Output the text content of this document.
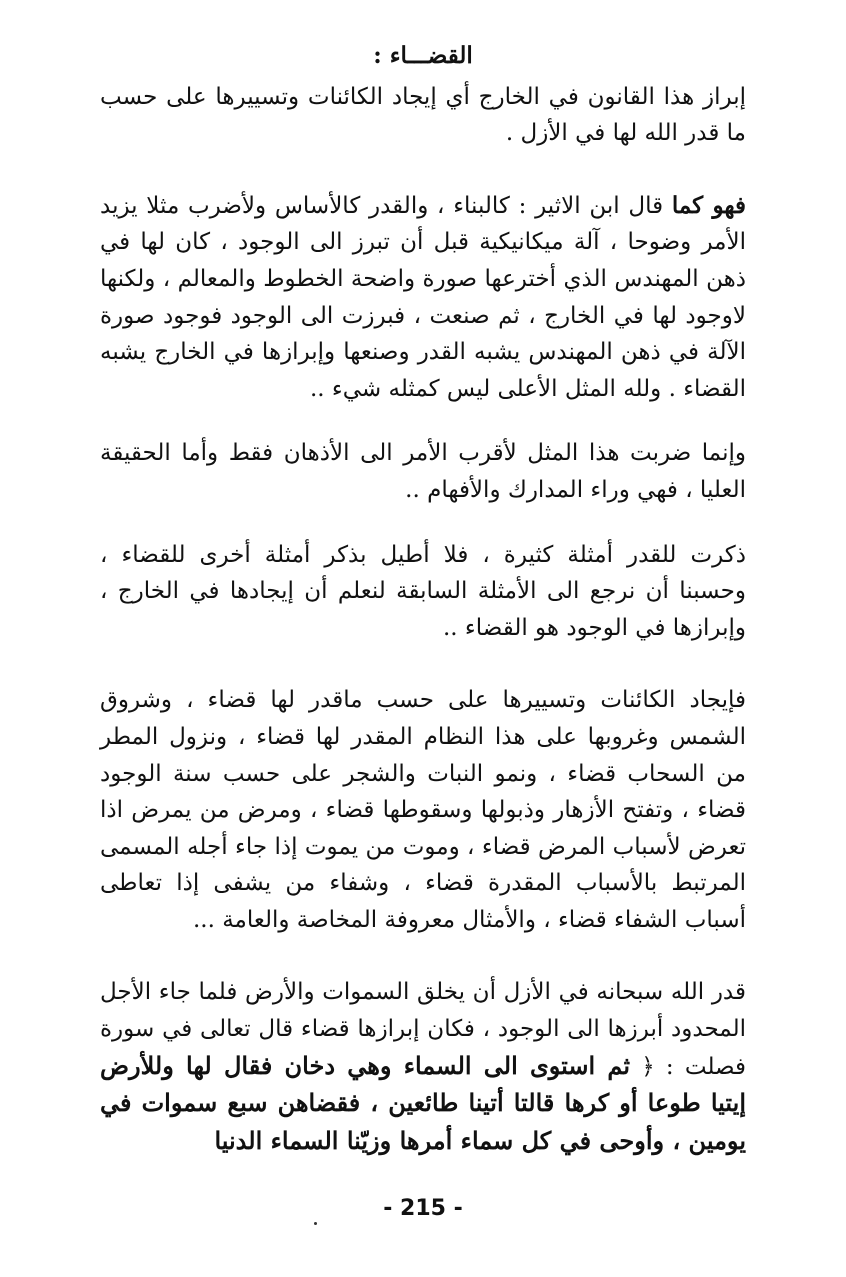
القضـــاء :

إبراز هذا القانون في الخارج أي إيجاد الكائنات وتسييرها على حسب ما قدر الله لها في الأزل .

فهو كما قال ابن الاثير : كالبناء ، والقدر كالأساس ولأضرب مثلا يزيد الأمر وضوحا ، آلة ميكانيكية قبل أن تبرز الى الوجود ، كان لها في ذهن المهندس الذي أخترعها صورة واضحة الخطوط والمعالم ، ولكنها لاوجود لها في الخارج ، ثم صنعت ، فبرزت الى الوجود فوجود صورة الآلة في ذهن المهندس يشبه القدر وصنعها وإبرازها في الخارج يشبه القضاء . ولله المثل الأعلى ليس كمثله شيء ..

وإنما ضربت هذا المثل لأقرب الأمر الى الأذهان فقط وأما الحقيقة العليا ، فهي وراء المدارك والأفهام ..

ذكرت للقدر أمثلة كثيرة ، فلا أطيل بذكر أمثلة أخرى للقضاء ، وحسبنا أن نرجع الى الأمثلة السابقة لنعلم أن إيجادها في الخارج ، وإبرازها في الوجود هو القضاء ..

فإيجاد الكائنات وتسييرها على حسب ماقدر لها قضاء ، وشروق الشمس وغروبها على هذا النظام المقدر لها قضاء ، ونزول المطر من السحاب قضاء ، ونمو النبات والشجر على حسب سنة الوجود قضاء ، وتفتح الأزهار وذبولها وسقوطها قضاء ، ومرض من يمرض اذا تعرض لأسباب المرض قضاء ، وموت من يموت إذا جاء أجله المسمى المرتبط بالأسباب المقدرة قضاء ، وشفاء من يشفى إذا تعاطى أسباب الشفاء قضاء ، والأمثال معروفة المخاصة والعامة ...

قدر الله سبحانه في الأزل أن يخلق السموات والأرض فلما جاء الأجل المحدود أبرزها الى الوجود ، فكان إبرازها قضاء قال تعالى في سورة فصلت : ﴿ ثم استوى الى السماء وهي دخان فقال لها وللأرض إيتيا طوعا أو كرها قالتا أتينا طائعين ، فقضاهن سبع سموات في يومين ، وأوحى في كل سماء أمرها وزيّنا السماء الدنيا

- 215 -
